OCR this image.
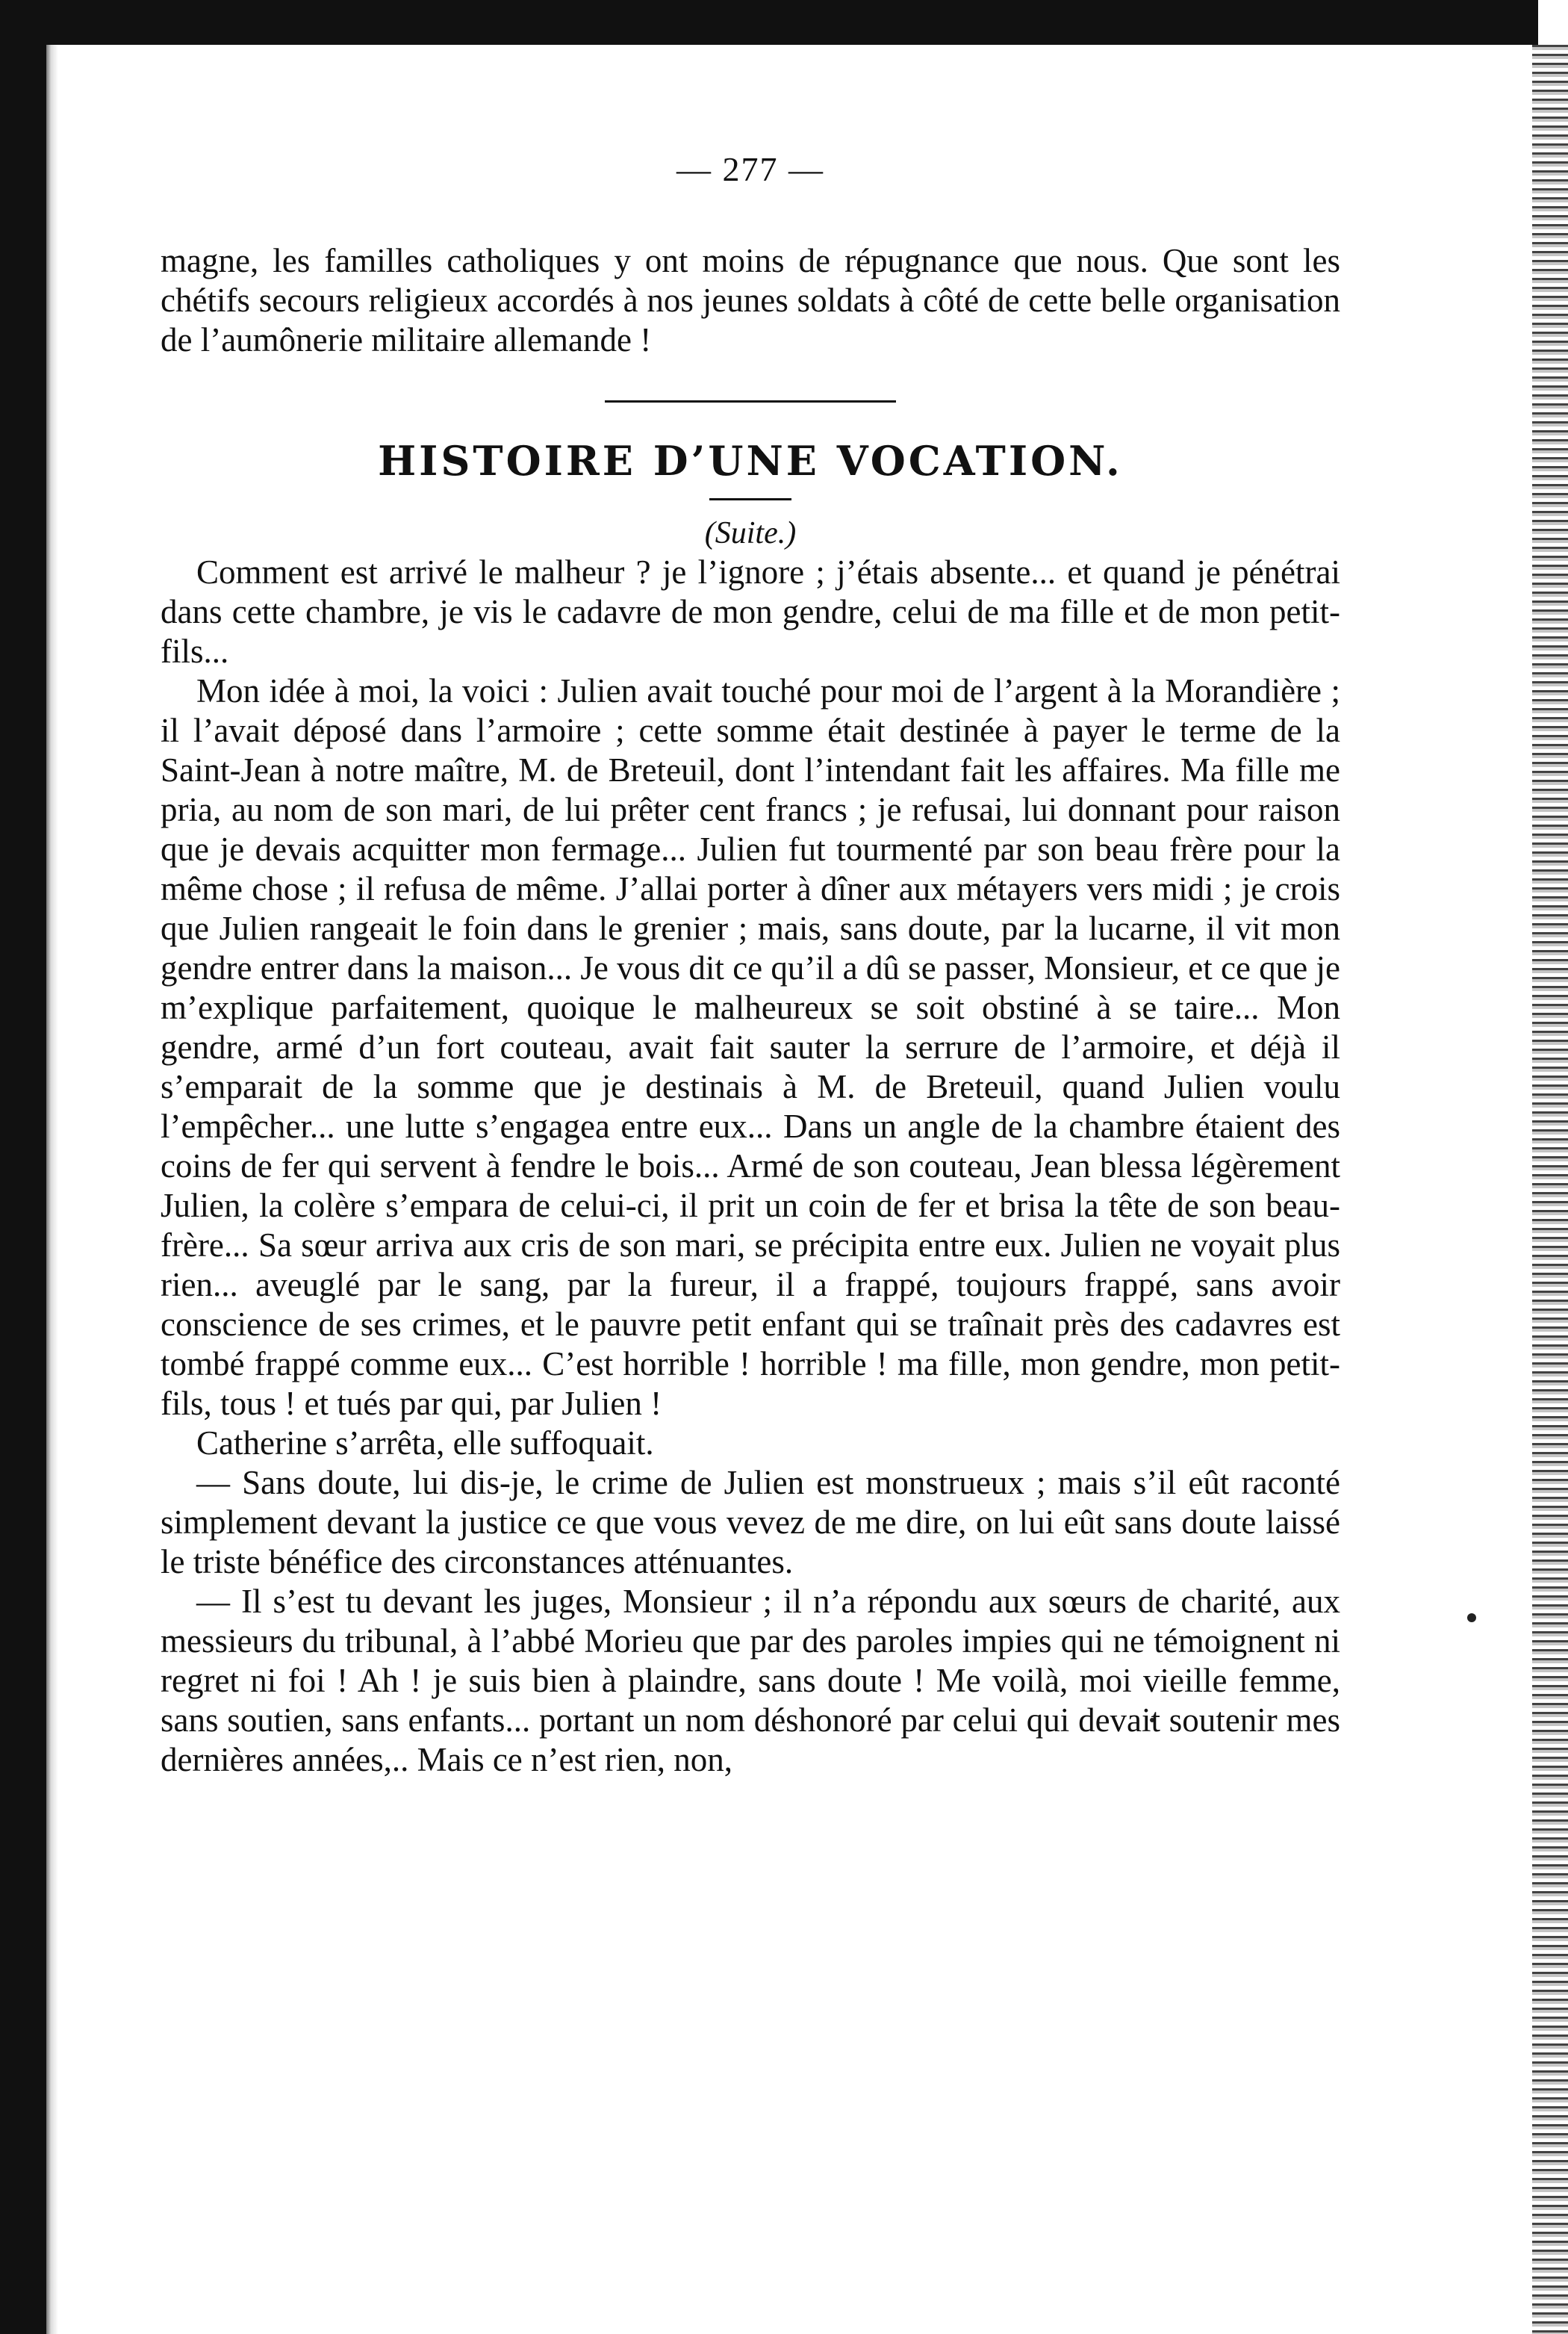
— 277 —

magne, les familles catholiques y ont moins de répugnance que nous. Que sont les chétifs secours religieux accordés à nos jeunes soldats à côté de cette belle organisation de l’aumônerie militaire allemande !

HISTOIRE D’UNE VOCATION.
(Suite.)

Comment est arrivé le malheur ? je l’ignore ; j’étais absente... et quand je pénétrai dans cette chambre, je vis le cadavre de mon gendre, celui de ma fille et de mon petit-fils...

Mon idée à moi, la voici : Julien avait touché pour moi de l’argent à la Morandière ; il l’avait déposé dans l’armoire ; cette somme était destinée à payer le terme de la Saint-Jean à notre maître, M. de Breteuil, dont l’intendant fait les affaires. Ma fille me pria, au nom de son mari, de lui prêter cent francs ; je refusai, lui donnant pour raison que je devais acquitter mon fermage... Julien fut tourmenté par son beau frère pour la même chose ; il refusa de même. J’allai porter à dîner aux métayers vers midi ; je crois que Julien rangeait le foin dans le grenier ; mais, sans doute, par la lucarne, il vit mon gendre entrer dans la maison... Je vous dit ce qu’il a dû se passer, Monsieur, et ce que je m’explique parfaitement, quoique le malheureux se soit obstiné à se taire... Mon gendre, armé d’un fort couteau, avait fait sauter la serrure de l’armoire, et déjà il s’emparait de la somme que je destinais à M. de Breteuil, quand Julien voulu l’empêcher... une lutte s’engagea entre eux... Dans un angle de la chambre étaient des coins de fer qui servent à fendre le bois... Armé de son couteau, Jean blessa légèrement Julien, la colère s’empara de celui-ci, il prit un coin de fer et brisa la tête de son beau-frère... Sa sœur arriva aux cris de son mari, se précipita entre eux. Julien ne voyait plus rien... aveuglé par le sang, par la fureur, il a frappé, toujours frappé, sans avoir conscience de ses crimes, et le pauvre petit enfant qui se traînait près des cadavres est tombé frappé comme eux... C’est horrible ! horrible ! ma fille, mon gendre, mon petit-fils, tous ! et tués par qui, par Julien !

Catherine s’arrêta, elle suffoquait.

— Sans doute, lui dis-je, le crime de Julien est monstrueux ; mais s’il eût raconté simplement devant la justice ce que vous vevez de me dire, on lui eût sans doute laissé le triste bénéfice des circonstances atténuantes.

— Il s’est tu devant les juges, Monsieur ; il n’a répondu aux sœurs de charité, aux messieurs du tribunal, à l’abbé Morieu que par des paroles impies qui ne témoignent ni regret ni foi ! Ah ! je suis bien à plaindre, sans doute ! Me voilà, moi vieille femme, sans soutien, sans enfants... portant un nom déshonoré par celui qui devait soutenir mes dernières années,.. Mais ce n’est rien, non,
